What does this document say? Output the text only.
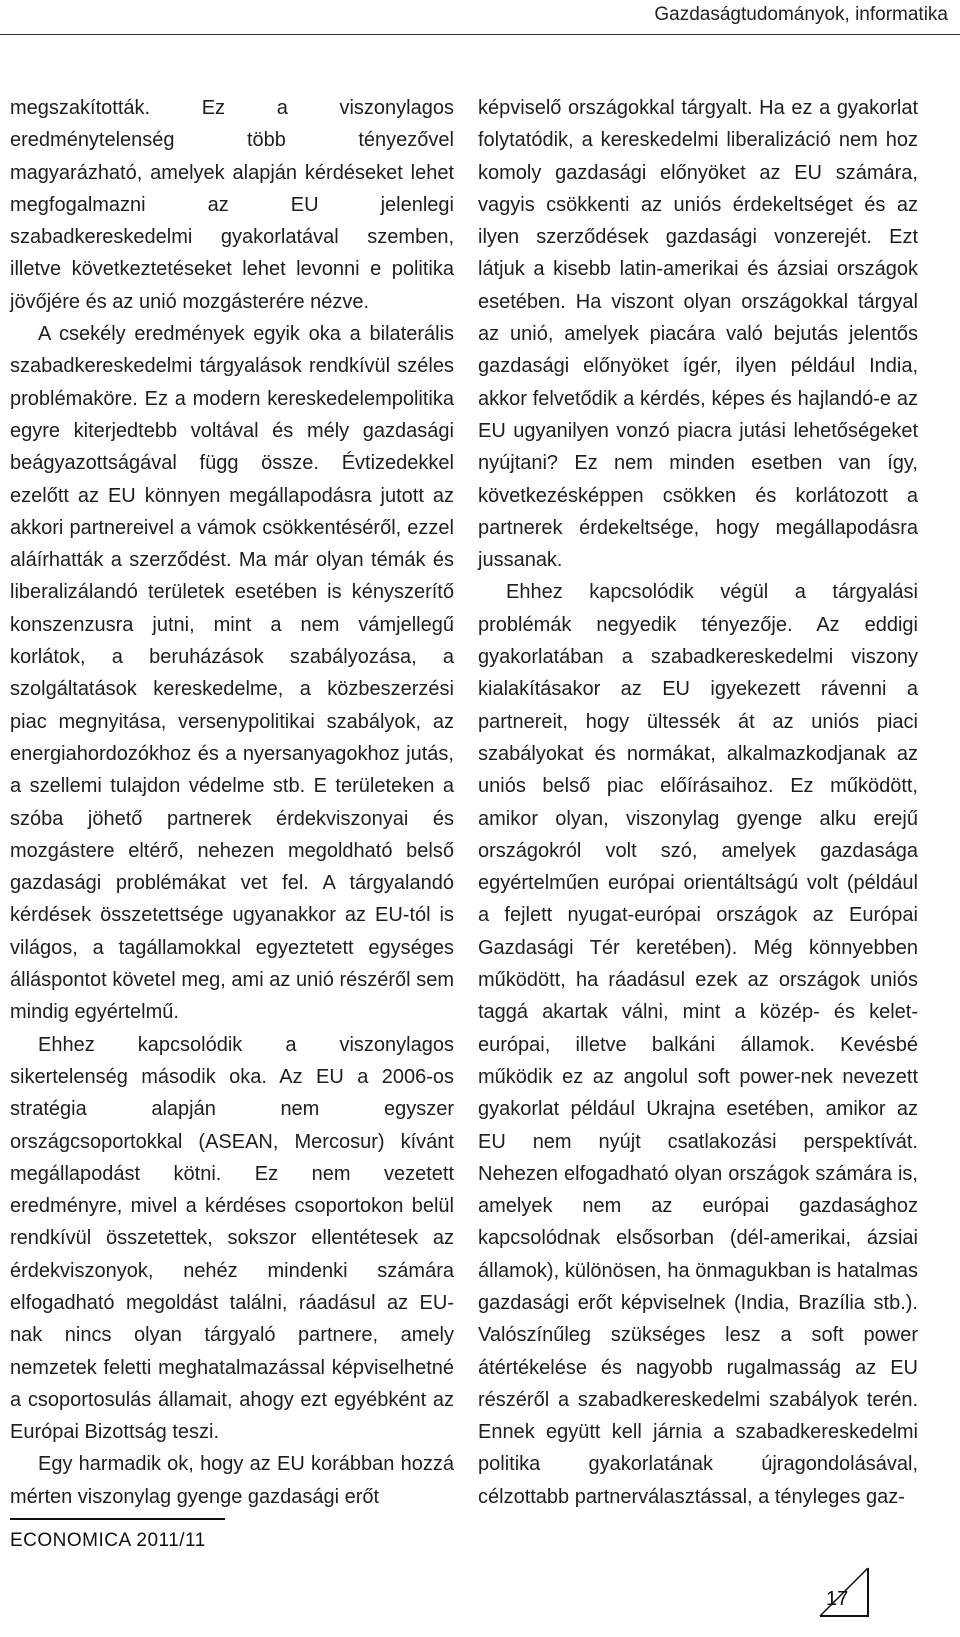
Gazdaságtudományok, informatika

megszakították. Ez a viszonylagos eredménytelenség több tényezővel magyarázható, amelyek alapján kérdéseket lehet megfogalmazni az EU jelenlegi szabadkereskedelmi gyakorlatával szemben, illetve következtetéseket lehet levonni e politika jövőjére és az unió mozgásterére nézve.

A csekély eredmények egyik oka a bilaterális szabadkereskedelmi tárgyalások rendkívül széles problémaköre. Ez a modern kereskedelempolitika egyre kiterjedtebb voltával és mély gazdasági beágyazottságával függ össze. Évtizedekkel ezelőtt az EU könnyen megállapodásra jutott az akkori partnereivel a vámok csökkentéséről, ezzel aláírhatták a szerződést. Ma már olyan témák és liberalizálandó területek esetében is kényszerítő konszenzusra jutni, mint a nem vámjellegű korlátok, a beruházások szabályozása, a szolgáltatások kereskedelme, a közbeszerzési piac megnyitása, versenypolitikai szabályok, az energiahordozókhoz és a nyersanyagokhoz jutás, a szellemi tulajdon védelme stb. E területeken a szóba jöhető partnerek érdekviszonyai és mozgástere eltérő, nehezen megoldható belső gazdasági problémákat vet fel. A tárgyalandó kérdések összetettsége ugyanakkor az EU-tól is világos, a tagállamokkal egyeztetett egységes álláspontot követel meg, ami az unió részéről sem mindig egyértelmű.

Ehhez kapcsolódik a viszonylagos sikertelenség második oka. Az EU a 2006-os stratégia alapján nem egyszer országcsoportokkal (ASEAN, Mercosur) kívánt megállapodást kötni. Ez nem vezetett eredményre, mivel a kérdéses csoportokon belül rendkívül összetettek, sokszor ellentétesek az érdekviszonyok, nehéz mindenki számára elfogadható megoldást találni, ráadásul az EU-nak nincs olyan tárgyaló partnere, amely nemzetek feletti meghatalmazással képviselhetné a csoportosulás államait, ahogy ezt egyébként az Európai Bizottság teszi.

Egy harmadik ok, hogy az EU korábban hozzá mérten viszonylag gyenge gazdasági erőt

képviselő országokkal tárgyalt. Ha ez a gyakorlat folytatódik, a kereskedelmi liberalizáció nem hoz komoly gazdasági előnyöket az EU számára, vagyis csökkenti az uniós érdekeltséget és az ilyen szerződések gazdasági vonzerejét. Ezt látjuk a kisebb latin-amerikai és ázsiai országok esetében. Ha viszont olyan országokkal tárgyal az unió, amelyek piacára való bejutás jelentős gazdasági előnyöket ígér, ilyen például India, akkor felvetődik a kérdés, képes és hajlandó-e az EU ugyanilyen vonzó piacra jutási lehetőségeket nyújtani? Ez nem minden esetben van így, következésképpen csökken és korlátozott a partnerek érdekeltsége, hogy megállapodásra jussanak.

Ehhez kapcsolódik végül a tárgyalási problémák negyedik tényezője. Az eddigi gyakorlatában a szabadkereskedelmi viszony kialakításakor az EU igyekezett rávenni a partnereit, hogy ültessék át az uniós piaci szabályokat és normákat, alkalmazkodjanak az uniós belső piac előírásaihoz. Ez működött, amikor olyan, viszonylag gyenge alku erejű országokról volt szó, amelyek gazdasága egyértelműen európai orientáltságú volt (például a fejlett nyugat-európai országok az Európai Gazdasági Tér keretében). Még könnyebben működött, ha ráadásul ezek az országok uniós taggá akartak válni, mint a közép- és kelet-európai, illetve balkáni államok. Kevésbé működik ez az angolul soft power-nek nevezett gyakorlat például Ukrajna esetében, amikor az EU nem nyújt csatlakozási perspektívát. Nehezen elfogadható olyan országok számára is, amelyek nem az európai gazdasághoz kapcsolódnak elsősorban (dél-amerikai, ázsiai államok), különösen, ha önmagukban is hatalmas gazdasági erőt képviselnek (India, Brazília stb.). Valószínűleg szükséges lesz a soft power átértékelése és nagyobb rugalmasság az EU részéről a szabadkereskedelmi szabályok terén. Ennek együtt kell járnia a szabadkereskedelmi politika gyakorlatának újragondolásával, célzottabb partnerválasztással, a tényleges gaz-

ECONOMICA 2011/11
17
